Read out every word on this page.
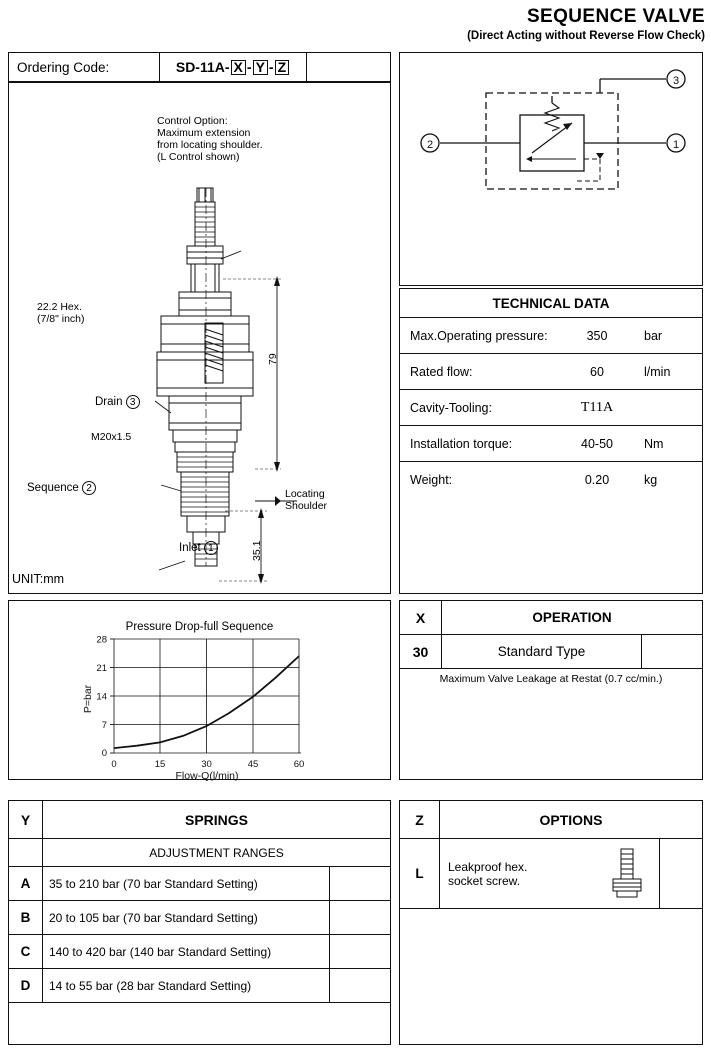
SEQUENCE VALVE
(Direct Acting without Reverse Flow Check)
Ordering Code:	SD-11A- X - Y - Z
Control Option:
Maximum extension
from locating shoulder.
(L Control shown)
22.2 Hex.
(7/8" inch)
Drain 3
M20x1.5
Sequence 2
Inlet 1
Locating
Shoulder
79
35.1
UNIT:mm
1
2
3
TECHNICAL DATA
Max.Operating pressure:	350	bar
Rated flow:	60	l/min
Cavity-Tooling:	T11A
Installation torque:	40-50	Nm
Weight:	0.20	kg
Pressure Drop-full Sequence
0
7
14
21
28
0	15	30	45	60
Flow-Q(l/min)
P=bar
X	OPERATION
30	Standard Type
Maximum Valve Leakage at Restat (0.7 cc/min.)
Y	SPRINGS
ADJUSTMENT RANGES
A	35 to 210 bar (70 bar Standard Setting)
B	20 to 105 bar (70 bar Standard Setting)
C	140 to 420 bar (140 bar Standard Setting)
D	14 to 55 bar (28 bar Standard Setting)
Z	OPTIONS
L	Leakproof hex.
socket screw.
